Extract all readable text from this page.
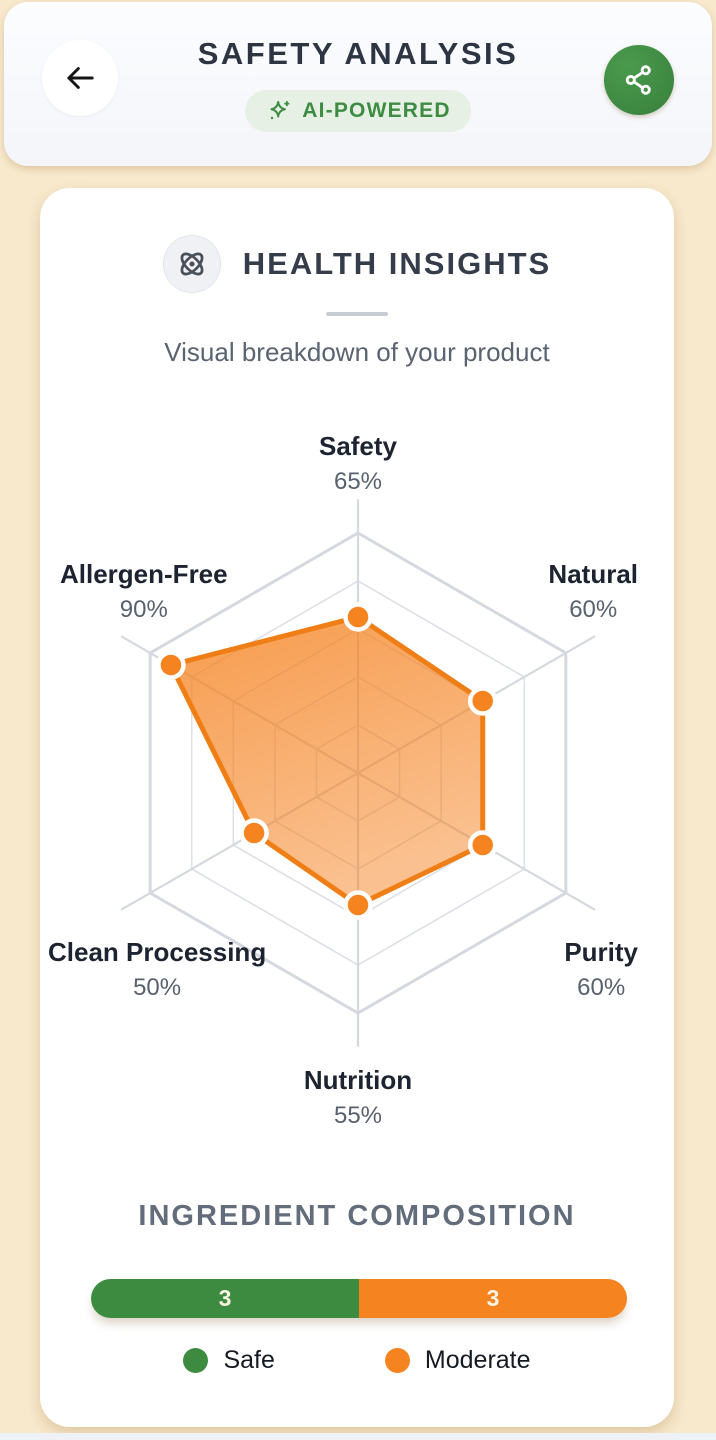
SAFETY ANALYSIS
AI-POWERED
HEALTH INSIGHTS
Visual breakdown of your product
Safety
65%
Natural
60%
Purity
60%
Nutrition
55%
Clean Processing
50%
Allergen-Free
90%
INGREDIENT COMPOSITION
3	3
Safe	Moderate
